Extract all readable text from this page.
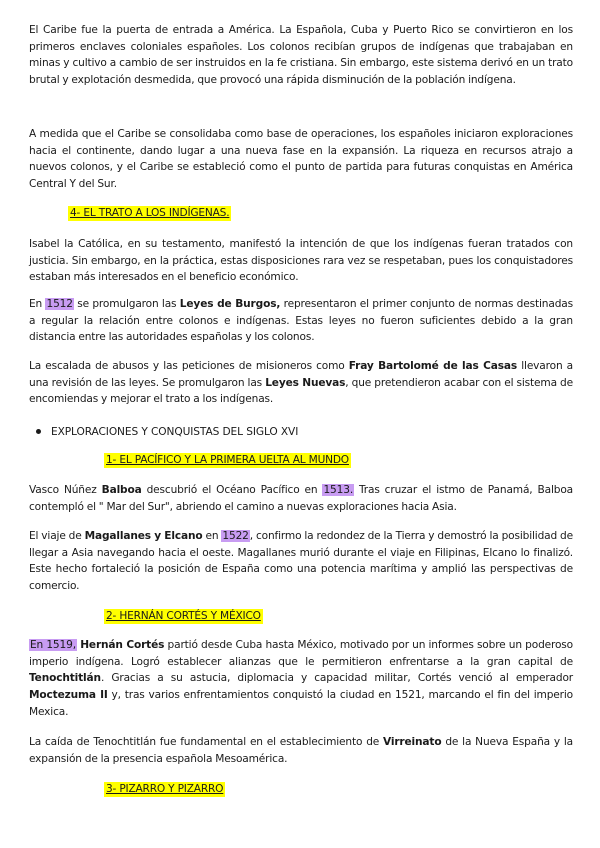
El Caribe fue la puerta de entrada a América. La Española, Cuba y Puerto Rico se convirtieron en los primeros enclaves coloniales españoles. Los colonos recibían grupos de indígenas que trabajaban en minas y cultivo a cambio de ser instruidos en la fe cristiana. Sin embargo, este sistema derivó en un trato brutal y explotación desmedida, que provocó una rápida disminución de la población indígena.

A medida que el Caribe se consolidaba como base de operaciones, los españoles iniciaron exploraciones hacia el continente, dando lugar a una nueva fase en la expansión. La riqueza en recursos atrajo a nuevos colonos, y el Caribe se estableció como el punto de partida para futuras conquistas en América Central Y del Sur.

4- EL TRATO A LOS INDÍGENAS.

Isabel la Católica, en su testamento, manifestó la intención de que los indígenas fueran tratados con justicia. Sin embargo, en la práctica, estas disposiciones rara vez se respetaban, pues los conquistadores estaban más interesados en el beneficio económico.

En 1512 se promulgaron las Leyes de Burgos, representaron el primer conjunto de normas destinadas a regular la relación entre colonos e indígenas. Estas leyes no fueron suficientes debido a la gran distancia entre las autoridades españolas y los colonos.

La escalada de abusos y las peticiones de misioneros como Fray Bartolomé de las Casas llevaron a una revisión de las leyes. Se promulgaron las Leyes Nuevas, que pretendieron acabar con el sistema de encomiendas y mejorar el trato a los indígenas.

EXPLORACIONES Y CONQUISTAS DEL SIGLO XVI
1- EL PACÍFICO Y LA PRIMERA UELTA AL MUNDO

Vasco Núñez Balboa descubrió el Océano Pacífico en 1513. Tras cruzar el istmo de Panamá, Balboa contempló el " Mar del Sur", abriendo el camino a nuevas exploraciones hacia Asia.

El viaje de Magallanes y Elcano en 1522, confirmo la redondez de la Tierra y demostró la posibilidad de llegar a Asia navegando hacia el oeste. Magallanes murió durante el viaje en Filipinas, Elcano lo finalizó. Este hecho fortaleció la posición de España como una potencia marítima y amplió las perspectivas de comercio.

2- HERNÁN CORTÉS Y MÉXICO

En 1519, Hernán Cortés partió desde Cuba hasta México, motivado por un informes sobre un poderoso imperio indígena. Logró establecer alianzas que le permitieron enfrentarse a la gran capital de Tenochtitlán. Gracias a su astucia, diplomacia y capacidad militar, Cortés venció al emperador Moctezuma II y, tras varios enfrentamientos conquistó la ciudad en 1521, marcando el fin del imperio Mexica.

La caída de Tenochtitlán fue fundamental en el establecimiento de Virreinato de la Nueva España y la expansión de la presencia española Mesoamérica.

3- PIZARRO Y PIZARRO
